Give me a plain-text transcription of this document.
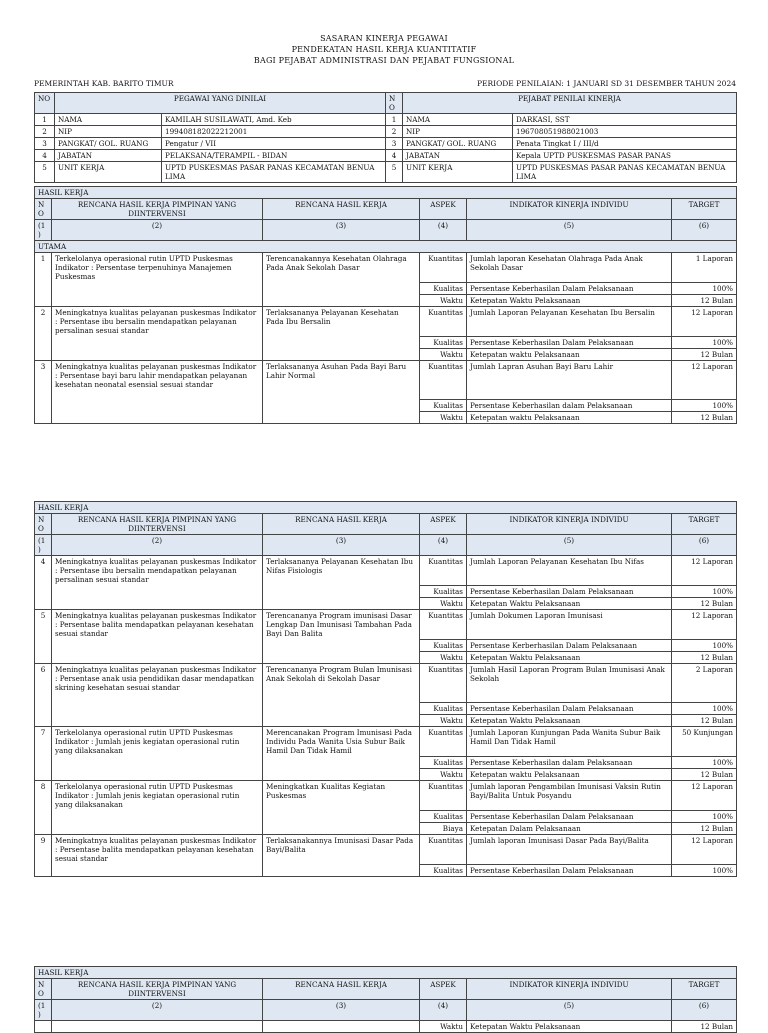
SASARAN KINERJA PEGAWAI
PENDEKATAN HASIL KERJA KUANTITATIF
BAGI PEJABAT ADMINISTRASI DAN PEJABAT FUNGSIONAL
PEMERINTAH KAB. BARITO TIMUR	PERIODE PENILAIAN: 1 JANUARI SD 31 DESEMBER TAHUN 2024
NO	PEGAWAI YANG DINILAI		NO	PEJABAT PENILAI KINERJA	
1	NAMA	KAMILAH SUSILAWATI, Amd. Keb	1	NAMA	DARKASI, SST
2	NIP	199408182022212001	2	NIP	196708051988021003
3	PANGKAT/ GOL. RUANG	Pengatur / VII	3	PANGKAT/ GOL. RUANG	Penata Tingkat I / III/d
4	JABATAN	PELAKSANA/TERAMPIL - BIDAN	4	JABATAN	Kepala UPTD PUSKESMAS PASAR PANAS
5	UNIT KERJA	UPTD PUSKESMAS PASAR PANAS KECAMATAN BENUA LIMA	5	UNIT KERJA	UPTD PUSKESMAS PASAR PANAS KECAMATAN BENUA LIMA
HASIL KERJA					
NO	RENCANA HASIL KERJA PIMPINAN YANG DIINTERVENSI	RENCANA HASIL KERJA	ASPEK	INDIKATOR KINERJA INDIVIDU	TARGET
(1)	(2)	(3)	(4)	(5)	(6)
UTAMA					
1	Terkelolanya operasional rutin UPTD Puskesmas Indikator : Persentase terpenuhinya Manajemen Puskesmas	Terencanakannya Kesehatan Olahraga Pada Anak Sekolah Dasar	Kuantitas	Jumlah laporan Kesehatan Olahraga Pada Anak Sekolah Dasar	1 Laporan
			Kualitas	Persentase Keberhasilan Dalam Pelaksanaan	100%
			Waktu	Ketepatan Waktu Pelaksanaan	12 Bulan
2	Meningkatnya kualitas pelayanan puskesmas Indikator : Persentase ibu bersalin mendapatkan pelayanan persalinan sesuai standar	Terlaksananya Pelayanan Kesehatan Pada Ibu Bersalin	Kuantitas	Jumlah Laporan Pelayanan Kesehatan Ibu Bersalin	12 Laporan
			Kualitas	Persentase Keberhasilan Dalam Pelaksanaan	100%
			Waktu	Ketepatan waktu Pelaksanaan	12 Bulan
3	Meningkatnya kualitas pelayanan puskesmas Indikator : Persentase bayi baru lahir mendapatkan pelayanan kesehatan neonatal esensial sesuai standar	Terlaksananya Asuhan Pada Bayi Baru Lahir Normal	Kuantitas	Jumlah Lapran Asuhan Bayi Baru Lahir	12 Laporan
			Kualitas	Persentase Keberhasilan dalam Pelaksanaan	100%
			Waktu	Ketepatan waktu Pelaksanaan	12 Bulan
HASIL KERJA					
NO	RENCANA HASIL KERJA PIMPINAN YANG DIINTERVENSI	RENCANA HASIL KERJA	ASPEK	INDIKATOR KINERJA INDIVIDU	TARGET
(1)	(2)	(3)	(4)	(5)	(6)
4	Meningkatnya kualitas pelayanan puskesmas Indikator : Persentase ibu bersalin mendapatkan pelayanan persalinan sesuai standar	Terlaksananya Pelayanan Kesehatan Ibu Nifas Fisiologis	Kuantitas	Jumlah Laporan Pelayanan Kesehatan Ibu Nifas	12 Laporan
			Kualitas	Persentase Keberhasilan Dalam Pelaksanaan	100%
			Waktu	Ketepatan Waktu Pelaksanaan	12 Bulan
5	Meningkatnya kualitas pelayanan puskesmas Indikator : Persentase balita mendapatkan pelayanan kesehatan sesuai standar	Terencananya Program imunisasi Dasar Lengkap Dan Imunisasi Tambahan Pada Bayi Dan Balita	Kuantitas	Jumlah Dokumen Laporan Imunisasi	12 Laporan
			Kualitas	Persentase Kerberhasilan Dalam Pelaksanaan	100%
			Waktu	Ketepatan Waktu Pelaksanaan	12 Bulan
6	Meningkatnya kualitas pelayanan puskesmas Indikator : Persentase anak usia pendidikan dasar mendapatkan skrining kesehatan sesuai standar	Terencananya Program Bulan Imunisasi Anak Sekolah di Sekolah Dasar	Kuantitas	Jumlah Hasil Laporan Program Bulan Imunisasi Anak Sekolah	2 Laporan
			Kualitas	Persentase Keberhasilan Dalam Pelaksanaan	100%
			Waktu	Ketepatan Waktu Pelaksanaan	12 Bulan
7	Terkelolanya operasional rutin UPTD Puskesmas Indikator : Jumlah jenis kegiatan operasional rutin yang dilaksanakan	Merencanakan Program Imunisasi Pada Individu Pada Wanita Usia Subur Baik Hamil Dan Tidak Hamil	Kuantitas	Jumlah Laporan Kunjungan Pada Wanita Subur Baik Hamil Dan Tidak Hamil	50 Kunjungan
			Kualitas	Persentase Keberhasilan dalam Pelaksanaan	100%
			Waktu	Ketepatan waktu Pelaksanaan	12 Bulan
8	Terkelolanya operasional rutin UPTD Puskesmas Indikator : Jumlah jenis kegiatan operasional rutin yang dilaksanakan	Meningkatkan Kualitas Kegiatan Puskesmas	Kuantitas	Jumlah laporan Pengambilan Imunisasi Vaksin Rutin Bayi/Balita Untuk Posyandu	12 Laporan
			Kualitas	Persentase Keberhasilan Dalam Pelaksanaan	100%
			Biaya	Ketepatan Dalam Pelaksanaan	12 Bulan
9	Meningkatnya kualitas pelayanan puskesmas Indikator : Persentase balita mendapatkan pelayanan kesehatan sesuai standar	Terlaksanakannya Imunisasi Dasar Pada Bayi/Balita	Kuantitas	Jumlah laporan Imunisasi Dasar Pada Bayi/Balita	12 Laporan
			Kualitas	Persentase Keberhasilan Dalam Pelaksanaan	100%
HASIL KERJA					
NO	RENCANA HASIL KERJA PIMPINAN YANG DIINTERVENSI	RENCANA HASIL KERJA	ASPEK	INDIKATOR KINERJA INDIVIDU	TARGET
(1)	(2)	(3)	(4)	(5)	(6)
			Waktu	Ketepatan Waktu Pelaksanaan	12 Bulan
